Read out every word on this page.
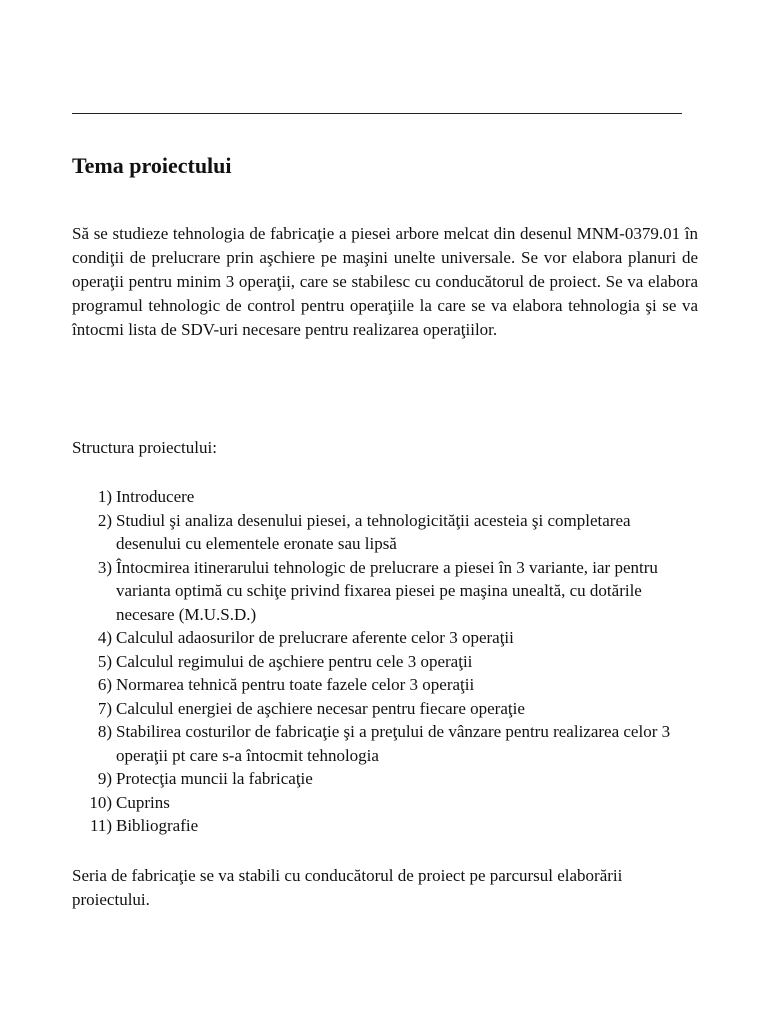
Tema proiectului

Să se studieze tehnologia de fabricaţie a piesei arbore melcat din desenul MNM-0379.01 în condiţii de prelucrare prin aşchiere pe maşini unelte universale. Se vor elabora planuri de operaţii pentru minim 3 operaţii, care se stabilesc cu conducătorul de proiect. Se va elabora programul tehnologic de control pentru operaţiile la care se va elabora tehnologia şi se va întocmi lista de SDV-uri necesare pentru realizarea operaţiilor.

Structura proiectului:

1) Introducere
2) Studiul şi analiza desenului piesei, a tehnologicităţii acesteia şi completarea desenului cu elementele eronate sau lipsă
3) Întocmirea itinerarului tehnologic de prelucrare a piesei în 3 variante, iar pentru varianta optimă cu schiţe privind fixarea piesei pe maşina unealtă, cu dotările necesare (M.U.S.D.)
4) Calculul adaosurilor de prelucrare aferente celor 3 operaţii
5) Calculul regimului de aşchiere pentru cele 3 operaţii
6) Normarea tehnică pentru toate fazele celor 3 operaţii
7) Calculul energiei de aşchiere necesar pentru fiecare operaţie
8) Stabilirea costurilor de fabricaţie şi a preţului de vânzare pentru realizarea celor 3 operaţii pt care s-a întocmit tehnologia
9) Protecţia muncii la fabricaţie
10) Cuprins
11) Bibliografie

Seria de fabricaţie se va stabili cu conducătorul de proiect pe parcursul elaborării proiectului.
